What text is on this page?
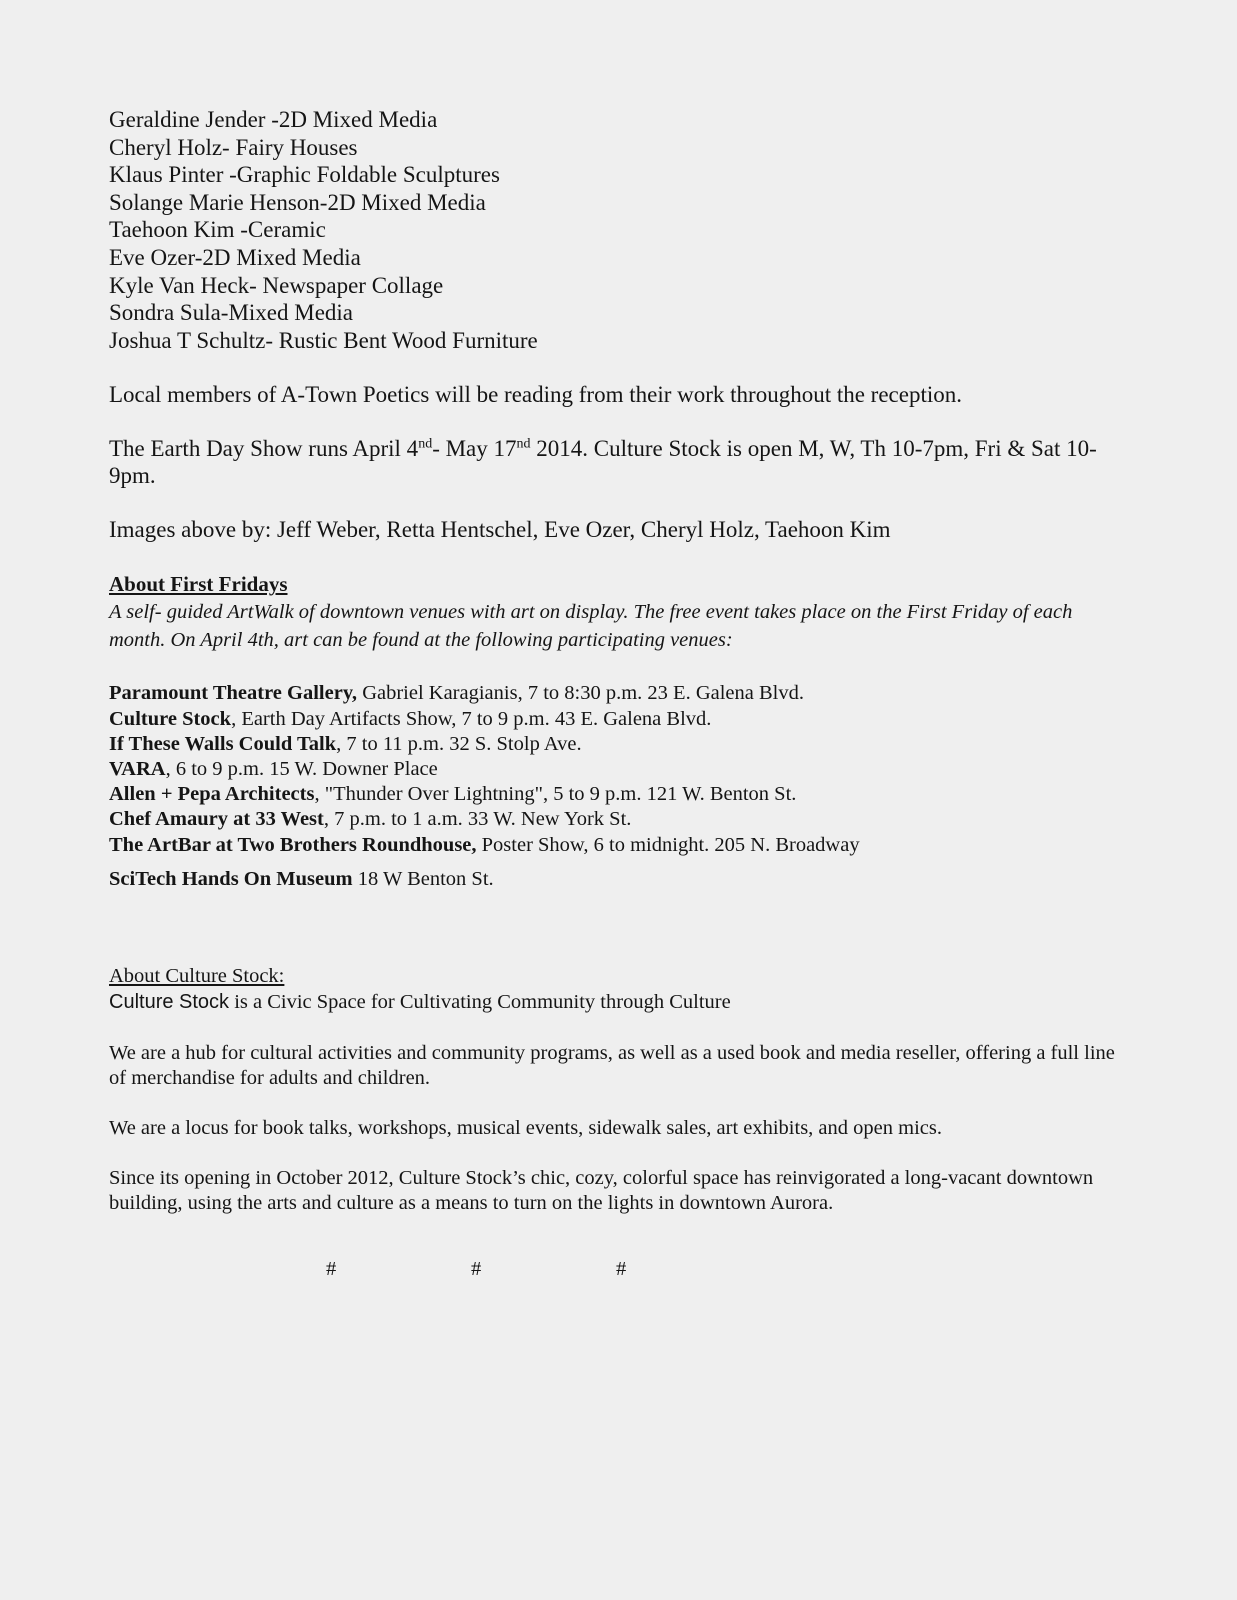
Geraldine Jender -2D Mixed Media
Cheryl Holz- Fairy Houses
Klaus Pinter -Graphic Foldable Sculptures
Solange Marie Henson-2D Mixed Media
Taehoon Kim -Ceramic
Eve Ozer-2D Mixed Media
Kyle Van Heck- Newspaper Collage
Sondra Sula-Mixed Media
Joshua T Schultz- Rustic Bent Wood Furniture
Local members of A-Town Poetics will be reading from their work throughout the reception.
The Earth Day Show runs April 4nd- May 17nd 2014. Culture Stock is open M, W, Th 10-7pm, Fri & Sat 10-9pm.
Images above by: Jeff Weber, Retta Hentschel, Eve Ozer, Cheryl Holz, Taehoon Kim
About First Fridays
A self- guided ArtWalk of downtown venues with art on display. The free event takes place on the First Friday of each month. On April 4th, art can be found at the following participating venues:
Paramount Theatre Gallery, Gabriel Karagianis, 7 to 8:30 p.m. 23 E. Galena Blvd.
Culture Stock, Earth Day Artifacts Show, 7 to 9 p.m. 43 E. Galena Blvd.
If These Walls Could Talk, 7 to 11 p.m. 32 S. Stolp Ave.
VARA, 6 to 9 p.m. 15 W. Downer Place
Allen + Pepa Architects, "Thunder Over Lightning", 5 to 9 p.m. 121 W. Benton St.
Chef Amaury at 33 West, 7 p.m. to 1 a.m. 33 W. New York St.
The ArtBar at Two Brothers Roundhouse, Poster Show, 6 to midnight. 205 N. Broadway
SciTech Hands On Museum 18 W Benton St.
About Culture Stock:
Culture Stock is a Civic Space for Cultivating Community through Culture
We are a hub for cultural activities and community programs, as well as a used book and media reseller, offering a full line of merchandise for adults and children.
We are a locus for book talks, workshops, musical events, sidewalk sales, art exhibits, and open mics.
Since its opening in October 2012, Culture Stock’s chic, cozy, colorful space has reinvigorated a long-vacant downtown building, using the arts and culture as a means to turn on the lights in downtown Aurora.
#	#	#
